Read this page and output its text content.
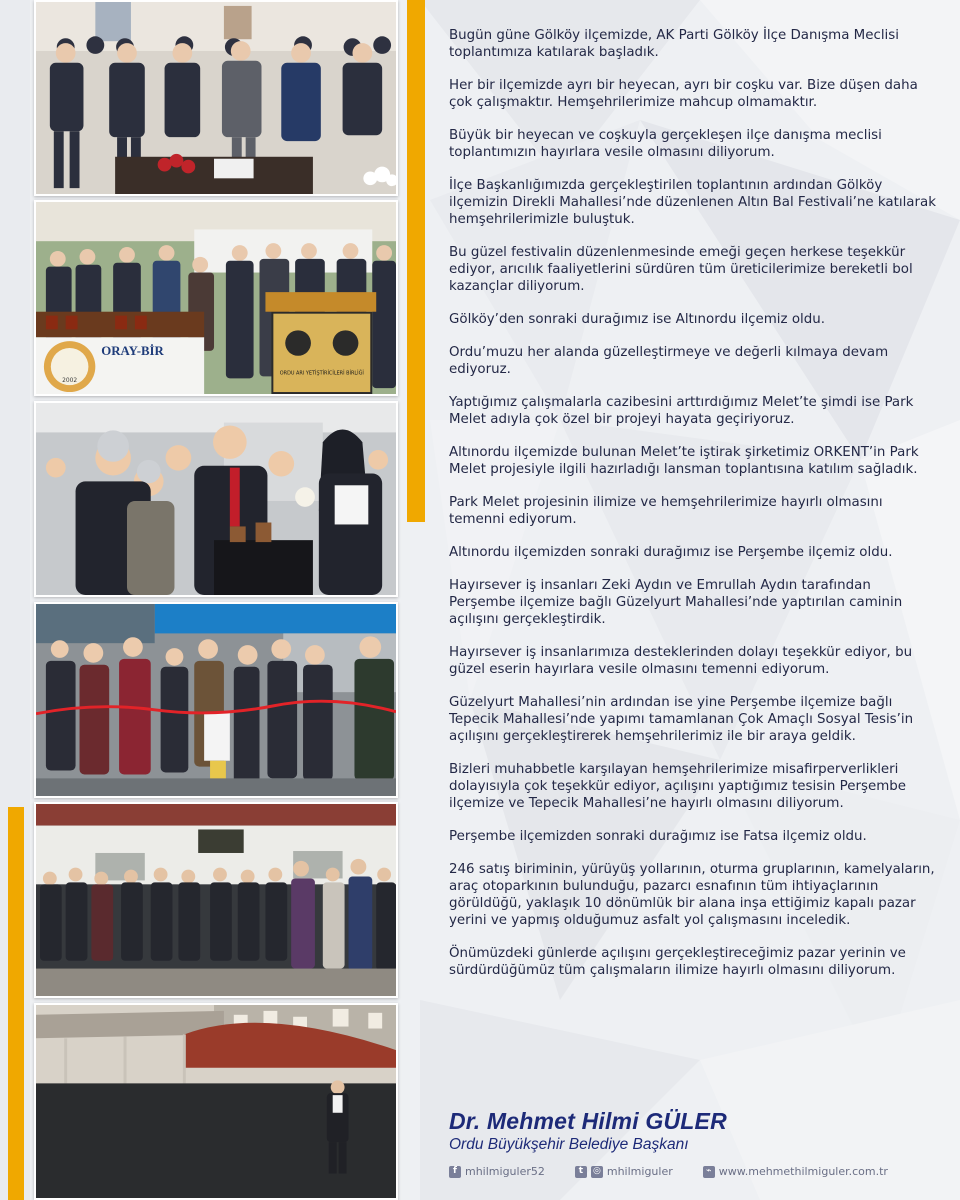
2002
ORAY-BİR
ORDU ARI YETİŞTİRİCİLERİ BİRLİĞİ

Bugün güne Gölköy ilçemizde, AK Parti Gölköy İlçe Danışma Meclisi toplantımıza katılarak başladık.

Her bir ilçemizde ayrı bir heyecan, ayrı bir coşku var. Bize düşen daha çok çalışmaktır. Hemşehrilerimize mahcup olmamaktır.

Büyük bir heyecan ve coşkuyla gerçekleşen ilçe danışma meclisi toplantımızın hayırlara vesile olmasını diliyorum.

İlçe Başkanlığımızda gerçekleştirilen toplantının ardından Gölköy ilçemizin Direkli Mahallesi’nde düzenlenen Altın Bal Festivali’ne katılarak hemşehrilerimizle buluştuk.

Bu güzel festivalin düzenlenmesinde emeği geçen herkese teşekkür ediyor, arıcılık faaliyetlerini sürdüren tüm üreticilerimize bereketli bol kazançlar diliyorum.

Gölköy’den sonraki durağımız ise Altınordu ilçemiz oldu.

Ordu’muzu her alanda güzelleştirmeye ve değerli kılmaya devam ediyoruz.

Yaptığımız çalışmalarla cazibesini arttırdığımız Melet’te şimdi ise Park Melet adıyla çok özel bir projeyi hayata geçiriyoruz.

Altınordu ilçemizde bulunan Melet’te iştirak şirketimiz ORKENT’in Park Melet projesiyle ilgili hazırladığı lansman toplantısına katılım sağladık.

Park Melet projesinin ilimize ve hemşehrilerimize hayırlı olmasını temenni ediyorum.

Altınordu ilçemizden sonraki durağımız ise Perşembe ilçemiz oldu.

Hayırsever iş insanları Zeki Aydın ve Emrullah Aydın tarafından Perşembe ilçemize bağlı Güzelyurt Mahallesi’nde yaptırılan caminin açılışını gerçekleştirdik.

Hayırsever iş insanlarımıza desteklerinden dolayı teşekkür ediyor, bu güzel eserin hayırlara vesile olmasını temenni ediyorum.

Güzelyurt Mahallesi’nin ardından ise yine Perşembe ilçemize bağlı Tepecik Mahallesi’nde yapımı tamamlanan Çok Amaçlı Sosyal Tesis’in açılışını gerçekleştirerek hemşehrilerimiz ile bir araya geldik.

Bizleri muhabbetle karşılayan hemşehrilerimize misafirperverlikleri dolayısıyla çok teşekkür ediyor, açılışını yaptığımız tesisin Perşembe ilçemize ve Tepecik Mahallesi’ne hayırlı olmasını diliyorum.

Perşembe ilçemizden sonraki durağımız ise Fatsa ilçemiz oldu.

246 satış biriminin, yürüyüş yollarının, oturma gruplarının, kamelyaların, araç otoparkının bulunduğu, pazarcı esnafının tüm ihtiyaçlarının görüldüğü, yaklaşık 10 dönümlük bir alana inşa ettiğimiz kapalı pazar yerini ve yapmış olduğumuz asfalt yol çalışmasını inceledik.

Önümüzdeki günlerde açılışını gerçekleştireceğimiz pazar yerinin ve sürdürdüğümüz tüm çalışmaların ilimize hayırlı olmasını diliyorum.

Dr. Mehmet Hilmi GÜLER
Ordu Büyükşehir Belediye Başkanı
f mhilmiguler52	t	◎ mhilmiguler	⌁ www.mehmethilmiguler.com.tr
